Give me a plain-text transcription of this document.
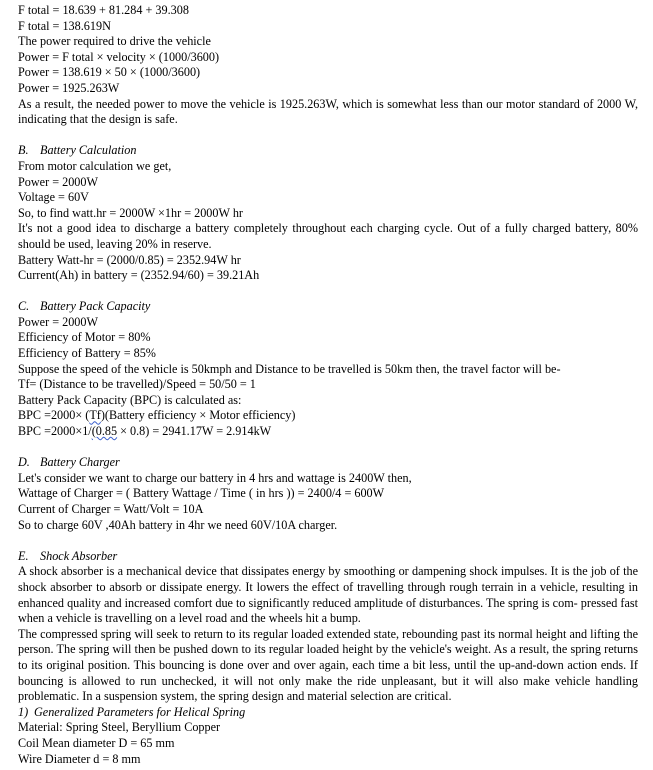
F total = 18.639 + 81.284 + 39.308
F total = 138.619N
The power required to drive the vehicle
Power = F total × velocity × (1000/3600)
Power = 138.619 × 50 × (1000/3600)
Power = 1925.263W
As a result, the needed power to move the vehicle is 1925.263W, which is somewhat less than our motor standard of 2000 W, indicating that the design is safe.
B. Battery Calculation
From motor calculation we get,
Power = 2000W
Voltage = 60V
So, to find watt.hr = 2000W ×1hr = 2000W hr
It's not a good idea to discharge a battery completely throughout each charging cycle. Out of a fully charged battery, 80% should be used, leaving 20% in reserve.
Battery Watt-hr = (2000/0.85) = 2352.94W hr
Current(Ah) in battery = (2352.94/60) = 39.21Ah
C. Battery Pack Capacity
Power = 2000W
Efficiency of Motor = 80%
Efficiency of Battery = 85%
Suppose the speed of the vehicle is 50kmph and Distance to be travelled is 50km then, the travel factor will be-
Tf= (Distance to be travelled)/Speed = 50/50 = 1
Battery Pack Capacity (BPC) is calculated as:
BPC =2000× (Tf)(Battery efficiency × Motor efficiency)
BPC =2000×1/(0.85 × 0.8) = 2941.17W = 2.914kW
D. Battery Charger
Let's consider we want to charge our battery in 4 hrs and wattage is 2400W then,
Wattage of Charger = ( Battery Wattage / Time ( in hrs )) = 2400/4 = 600W
Current of Charger = Watt/Volt = 10A
So to charge 60V ,40Ah battery in 4hr we need 60V/10A charger.
E. Shock Absorber
A shock absorber is a mechanical device that dissipates energy by smoothing or dampening shock impulses. It is the job of the shock absorber to absorb or dissipate energy. It lowers the effect of travelling through rough terrain in a vehicle, resulting in enhanced quality and increased comfort due to significantly reduced amplitude of disturbances. The spring is com- pressed fast when a vehicle is travelling on a level road and the wheels hit a bump.
The compressed spring will seek to return to its regular loaded extended state, rebounding past its normal height and lifting the person. The spring will then be pushed down to its regular loaded height by the vehicle's weight. As a result, the spring returns to its original position. This bouncing is done over and over again, each time a bit less, until the up-and-down action ends. If bouncing is allowed to run unchecked, it will not only make the ride unpleasant, but it will also make vehicle handling problematic. In a suspension system, the spring design and material selection are critical.
1) Generalized Parameters for Helical Spring
Material: Spring Steel, Beryllium Copper
Coil Mean diameter D = 65 mm
Wire Diameter d = 8 mm
